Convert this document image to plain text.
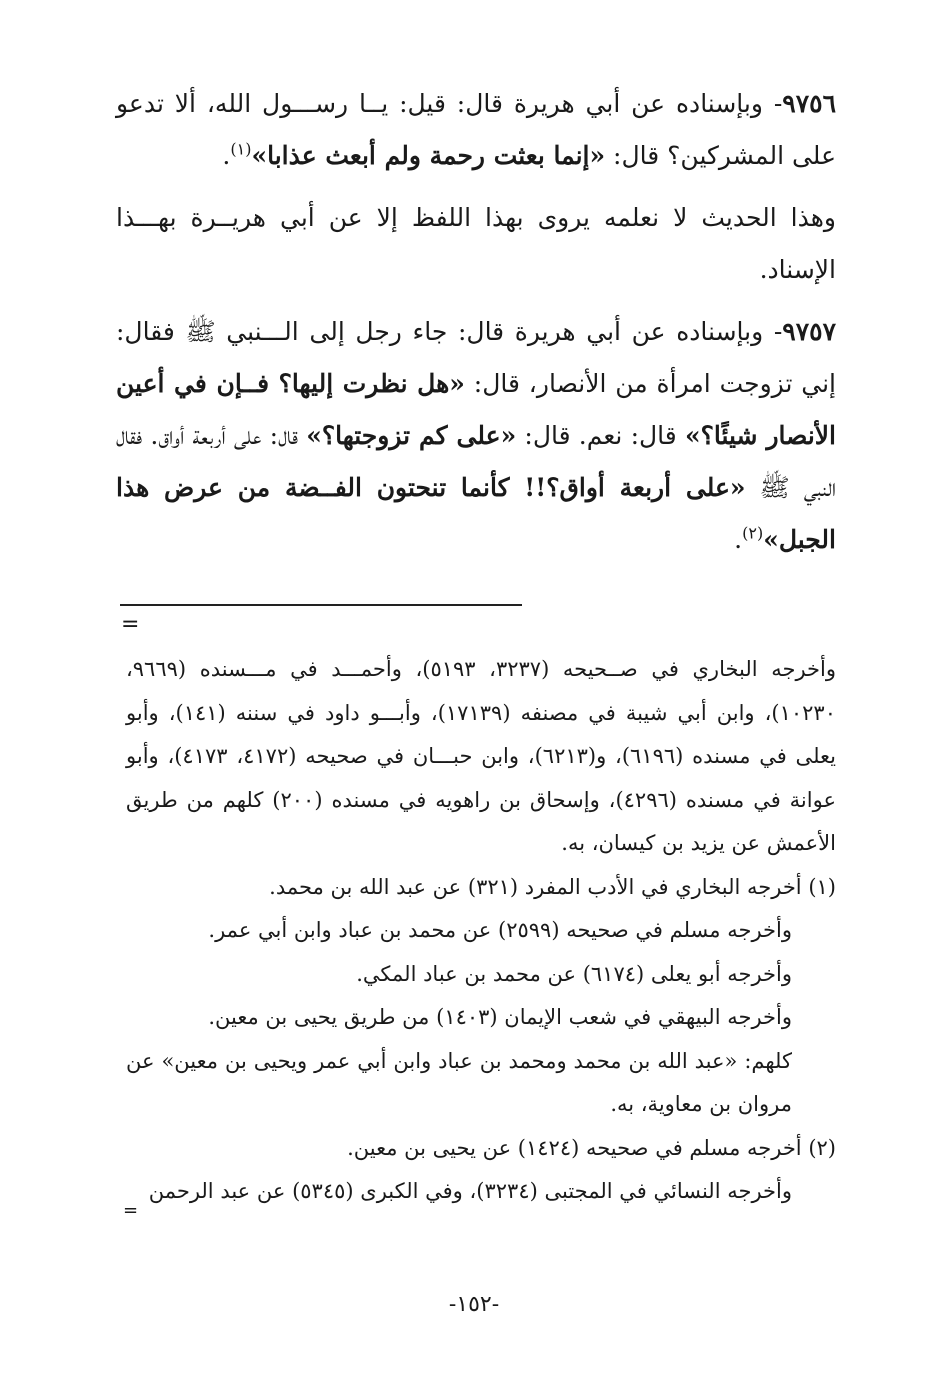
٩٧٥٦- وبإسناده عن أبي هريرة قال: قيل: يــا رســـول الله، ألا تدعو على المشركين؟ قال: «إنما بعثت رحمة ولم أبعث عذابا»$^{(١)}$.

وهذا الحديث لا نعلمه يروى بهذا اللفظ إلا عن أبي هريــرة بهـــذا الإسناد.

٩٧٥٧- وبإسناده عن أبي هريرة قال: جاء رجل إلى الـــنبي ﷺ فقال: إني تزوجت امرأة من الأنصار، قال: «هل نظرت إليها؟ فــإن في أعين الأنصار شيئًا؟» قال: نعم. قال: «على كم تزوجتها؟» قال: على أربعة أواق. فقال النبي ﷺ «على أربعة أواق؟!! كأنما تنحتون الفــضة من عرض هذا الجبل»$^{(٢)}$.

=

وأخرجه البخاري في صــحيحه (٣٢٣٧، ٥١٩٣)، وأحمـــد في مـــسنده (٩٦٦٩، ١٠٢٣٠)، وابن أبي شيبة في مصنفه (١٧١٣٩)، وأبـــو داود في سننه (١٤١)، وأبو يعلى في مسنده (٦١٩٦)، و(٦٢١٣)، وابن حبـــان في صحيحه (٤١٧٢، ٤١٧٣)، وأبو عوانة في مسنده (٤٢٩٦)، وإسحاق بن راهويه في مسنده (٢٠٠) كلهم من طريق الأعمش عن يزيد بن كيسان، به.

(١) أخرجه البخاري في الأدب المفرد (٣٢١) عن عبد الله بن محمد.

وأخرجه مسلم في صحيحه (٢٥٩٩) عن محمد بن عباد وابن أبي عمر.

وأخرجه أبو يعلى (٦١٧٤) عن محمد بن عباد المكي.

وأخرجه البيهقي في شعب الإيمان (١٤٠٣) من طريق يحيى بن معين.

كلهم: «عبد الله بن محمد ومحمد بن عباد وابن أبي عمر ويحيى بن معين» عن مروان بن معاوية، به.

(٢) أخرجه مسلم في صحيحه (١٤٢٤) عن يحيى بن معين.

وأخرجه النسائي في المجتبى (٣٢٣٤)، وفي الكبرى (٥٣٤٥) عن عبد الرحمن

=
-١٥٢-
